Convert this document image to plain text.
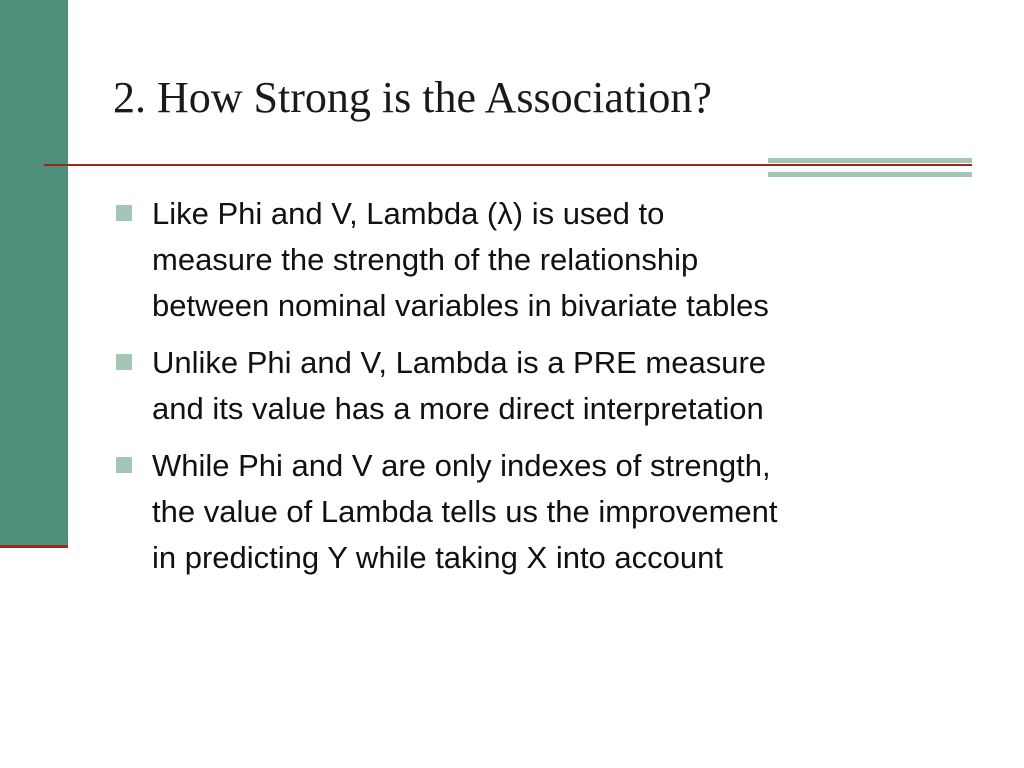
2. How Strong is the Association?
Like Phi and V, Lambda (λ) is used to
measure the strength of the relationship
between nominal variables in bivariate tables
Unlike Phi and V, Lambda is a PRE measure
and its value has a more direct interpretation
While Phi and V are only indexes of strength,
the value of Lambda tells us the improvement
in predicting Y while taking X into account
